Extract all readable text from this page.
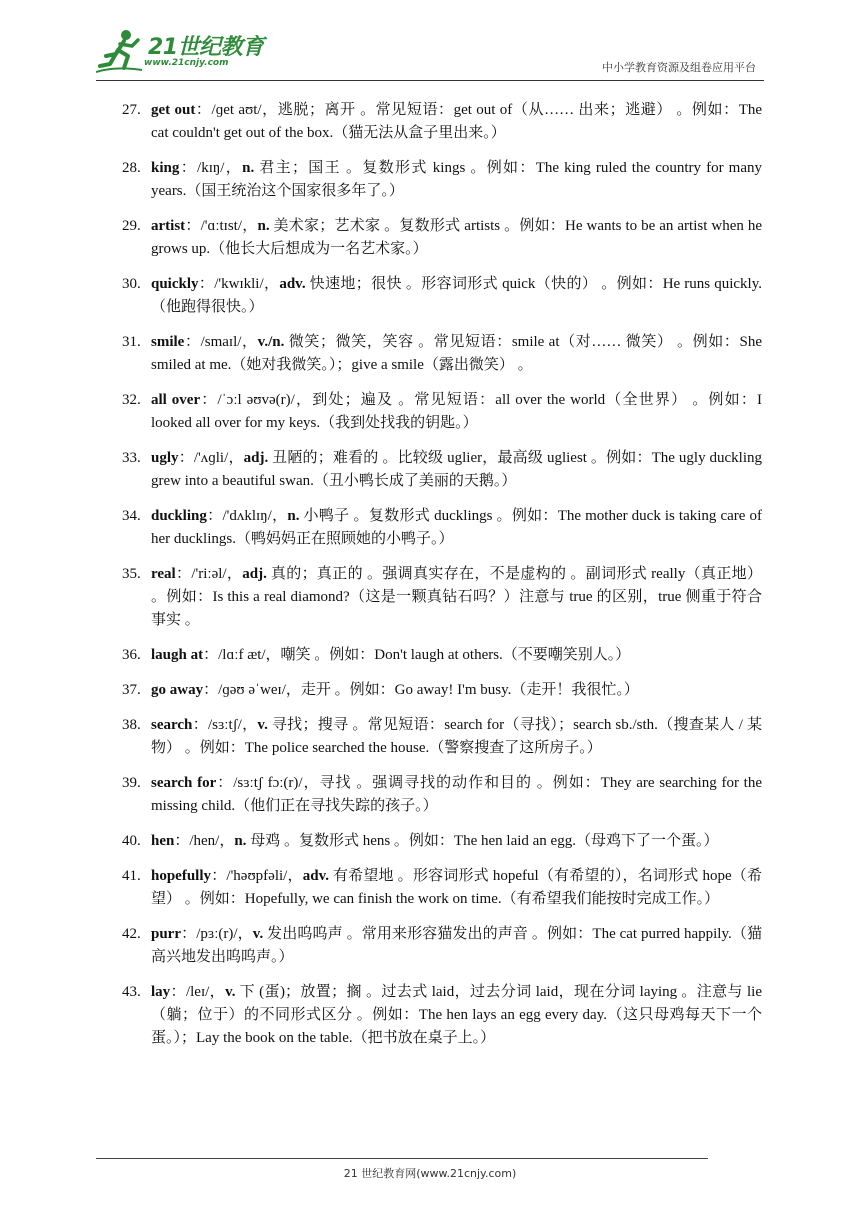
21世纪教育
www.21cnjy.com	中小学教育资源及组卷应用平台
27. get out：/ɡet aʊt/，逃脱；离开 。常见短语：get out of（从…… 出来；逃避） 。例如：The cat couldn't get out of the box.（猫无法从盒子里出来。）
28. king：/kɪŋ/，n. 君主；国王 。复数形式 kings 。例如：The king ruled the country for many years.（国王统治这个国家很多年了。）
29. artist：/'ɑːtɪst/，n. 美术家；艺术家 。复数形式 artists 。例如：He wants to be an artist when he grows up.（他长大后想成为一名艺术家。）
30. quickly：/'kwɪkli/，adv. 快速地；很快 。形容词形式 quick（快的） 。例如：He runs quickly.（他跑得很快。）
31. smile：/smaɪl/，v./n. 微笑；微笑，笑容 。常见短语：smile at（对…… 微笑） 。例如：She smiled at me.（她对我微笑。）；give a smile（露出微笑） 。
32. all over：/ˈɔːl əʊvə(r)/，到处；遍及 。常见短语：all over the world（全世界） 。例如：I looked all over for my keys.（我到处找我的钥匙。）
33. ugly：/'ʌɡli/，adj. 丑陋的；难看的 。比较级 uglier，最高级 ugliest 。例如：The ugly duckling grew into a beautiful swan.（丑小鸭长成了美丽的天鹅。）
34. duckling：/'dʌklɪŋ/，n. 小鸭子 。复数形式 ducklings 。例如：The mother duck is taking care of her ducklings.（鸭妈妈正在照顾她的小鸭子。）
35. real：/'riːəl/，adj. 真的；真正的 。强调真实存在，不是虚构的 。副词形式 really（真正地） 。例如：Is this a real diamond?（这是一颗真钻石吗？）注意与 true 的区别，true 侧重于符合事实 。
36. laugh at：/lɑːf æt/，嘲笑 。例如：Don't laugh at others.（不要嘲笑别人。）
37. go away：/ɡəʊ əˈweɪ/，走开 。例如：Go away! I'm busy.（走开！我很忙。）
38. search：/sɜːtʃ/，v. 寻找；搜寻 。常见短语：search for（寻找）；search sb./sth.（搜查某人 / 某物） 。例如：The police searched the house.（警察搜查了这所房子。）
39. search for：/sɜːtʃ fɔː(r)/，寻找 。强调寻找的动作和目的 。例如：They are searching for the missing child.（他们正在寻找失踪的孩子。）
40. hen：/hen/，n. 母鸡 。复数形式 hens 。例如：The hen laid an egg.（母鸡下了一个蛋。）
41. hopefully：/'həʊpfəli/，adv. 有希望地 。形容词形式 hopeful（有希望的），名词形式 hope（希望） 。例如：Hopefully, we can finish the work on time.（有希望我们能按时完成工作。）
42. purr：/pɜː(r)/，v. 发出呜呜声 。常用来形容猫发出的声音 。例如：The cat purred happily.（猫高兴地发出呜呜声。）
43. lay：/leɪ/，v. 下 (蛋)；放置；搁 。过去式 laid，过去分词 laid，现在分词 laying 。注意与 lie（躺；位于）的不同形式区分 。例如：The hen lays an egg every day.（这只母鸡每天下一个蛋。）；Lay the book on the table.（把书放在桌子上。）
21 世纪教育网(www.21cnjy.com)
